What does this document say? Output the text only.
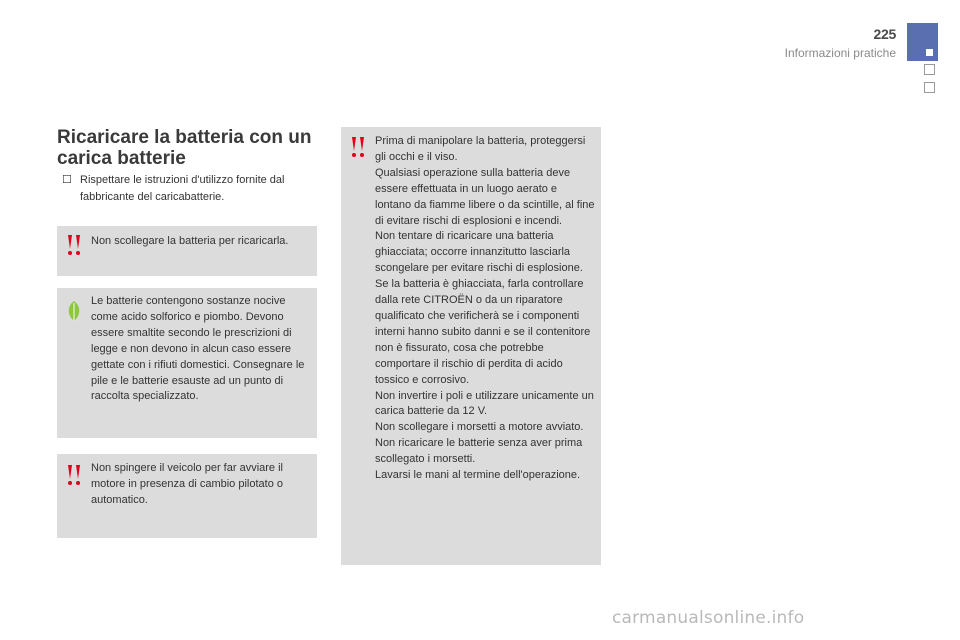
225
Informazioni pratiche
Ricaricare la batteria con un carica batterie
☐ Rispettare le istruzioni d'utilizzo fornite dal fabbricante del caricabatterie.
Non scollegare la batteria per ricaricarla.
Le batterie contengono sostanze nocive come acido solforico e piombo. Devono essere smaltite secondo le prescrizioni di legge e non devono in alcun caso essere gettate con i rifiuti domestici. Consegnare le pile e le batterie esauste ad un punto di raccolta specializzato.
Non spingere il veicolo per far avviare il motore in presenza di cambio pilotato o automatico.
Prima di manipolare la batteria, proteggersi gli occhi e il viso.
Qualsiasi operazione sulla batteria deve essere effettuata in un luogo aerato e lontano da fiamme libere o da scintille, al fine di evitare rischi di esplosioni e incendi.
Non tentare di ricaricare una batteria ghiacciata; occorre innanzitutto lasciarla scongelare per evitare rischi di esplosione. Se la batteria è ghiacciata, farla controllare dalla rete CITROËN o da un riparatore qualificato che verificherà se i componenti interni hanno subito danni e se il contenitore non è fissurato, cosa che potrebbe comportare il rischio di perdita di acido tossico e corrosivo.
Non invertire i poli e utilizzare unicamente un carica batterie da 12 V.
Non scollegare i morsetti a motore avviato.
Non ricaricare le batterie senza aver prima scollegato i morsetti.
Lavarsi le mani al termine dell'operazione.
carmanualsonline.info
